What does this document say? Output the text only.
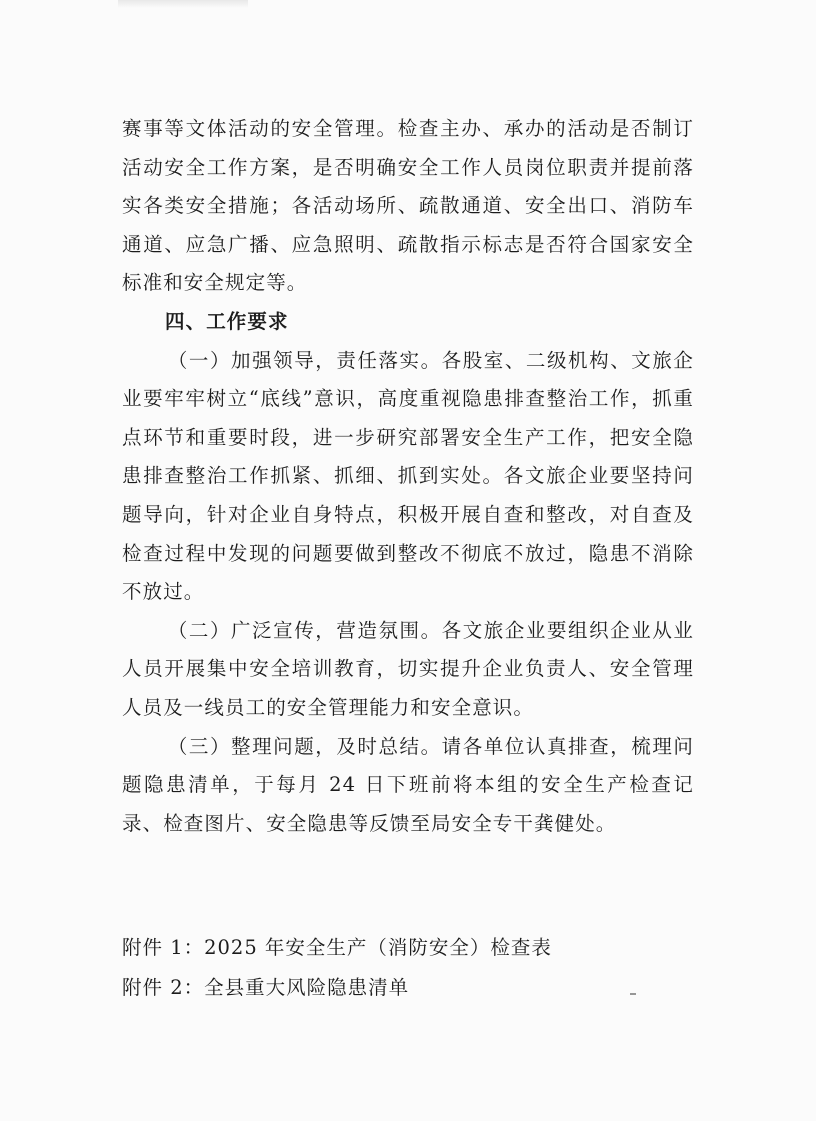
赛事等文体活动的安全管理。检查主办、承办的活动是否制订活动安全工作方案，是否明确安全工作人员岗位职责并提前落实各类安全措施；各活动场所、疏散通道、安全出口、消防车通道、应急广播、应急照明、疏散指示标志是否符合国家安全标准和安全规定等。

四、工作要求

（一）加强领导，责任落实。各股室、二级机构、文旅企业要牢牢树立“底线”意识，高度重视隐患排查整治工作，抓重点环节和重要时段，进一步研究部署安全生产工作，把安全隐患排查整治工作抓紧、抓细、抓到实处。各文旅企业要坚持问题导向，针对企业自身特点，积极开展自查和整改，对自查及检查过程中发现的问题要做到整改不彻底不放过，隐患不消除不放过。

（二）广泛宣传，营造氛围。各文旅企业要组织企业从业人员开展集中安全培训教育，切实提升企业负责人、安全管理人员及一线员工的安全管理能力和安全意识。

（三）整理问题，及时总结。请各单位认真排查，梳理问题隐患清单，于每月 24 日下班前将本组的安全生产检查记录、检查图片、安全隐患等反馈至局安全专干龚健处。

附件 1：2025 年安全生产（消防安全）检查表

附件 2：全县重大风险隐患清单
